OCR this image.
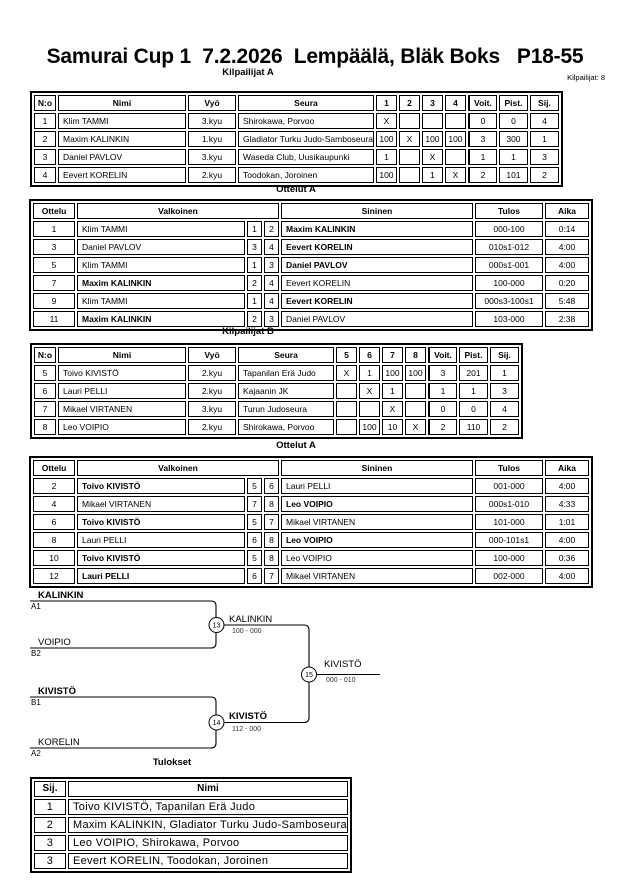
Samurai Cup 1  7.2.2026  Lempäälä, Bläk Boks   P18-55
Kilpailijat: 8
Kilpailijat A
N:o	Nimi	Vyö	Seura	1	2	3	4	Voit.	Pist.	Sij.
1	Klim TAMMI	3.kyu	Shirokawa, Porvoo	X				0	0	4
2	Maxim KALINKIN	1.kyu	Gladiator Turku Judo-Samboseura	100	X	100	100	3	300	1
3	Daniel PAVLOV	3.kyu	Waseda Club, Uusikaupunki	1		X		1	1	3
4	Eevert KORELIN	2.kyu	Toodokan, Joroinen	100		1	X	2	101	2
Ottelut A
Ottelu	Valkoinen			Sininen	Tulos	Aika
1	Klim TAMMI	1	2	Maxim KALINKIN	000-100	0:14
3	Daniel PAVLOV	3	4	Eevert KORELIN	010s1-012	4:00
5	Klim TAMMI	1	3	Daniel PAVLOV	000s1-001	4:00
7	Maxim KALINKIN	2	4	Eevert KORELIN	100-000	0:20
9	Klim TAMMI	1	4	Eevert KORELIN	000s3-100s1	5:48
11	Maxim KALINKIN	2	3	Daniel PAVLOV	103-000	2:38
Kilpailijat B
N:o	Nimi	Vyö	Seura	5	6	7	8	Voit.	Pist.	Sij.
5	Toivo KIVISTÖ	2.kyu	Tapanilan Erä Judo	X	1	100	100	3	201	1
6	Lauri PELLI	2.kyu	Kajaanin JK		X	1		1	1	3
7	Mikael VIRTANEN	3.kyu	Turun Judoseura			X		0	0	4
8	Leo VOIPIO	2.kyu	Shirokawa, Porvoo		100	10	X	2	110	2
Ottelut A
Ottelu	Valkoinen			Sininen	Tulos	Aika
2	Toivo KIVISTÖ	5	6	Lauri PELLI	001-000	4:00
4	Mikael VIRTANEN	7	8	Leo VOIPIO	000s1-010	4:33
6	Toivo KIVISTÖ	5	7	Mikael VIRTANEN	101-000	1:01
8	Lauri PELLI	6	8	Leo VOIPIO	000-101s1	4:00
10	Toivo KIVISTÖ	5	8	Leo VOIPIO	100-000	0:36
12	Lauri PELLI	6	7	Mikael VIRTANEN	002-000	4:00
13
14
15
KALINKIN
A1
VOIPIO
B2
KALINKIN
100 - 000
KIVISTÖ
B1
KORELIN
A2
KIVISTÖ
112 - 000
KIVISTÖ
000 - 010
Tulokset
Sij.	Nimi
1	Toivo KIVISTÖ, Tapanilan Erä Judo
2	Maxim KALINKIN, Gladiator Turku Judo-Samboseura
3	Leo VOIPIO, Shirokawa, Porvoo
3	Eevert KORELIN, Toodokan, Joroinen
